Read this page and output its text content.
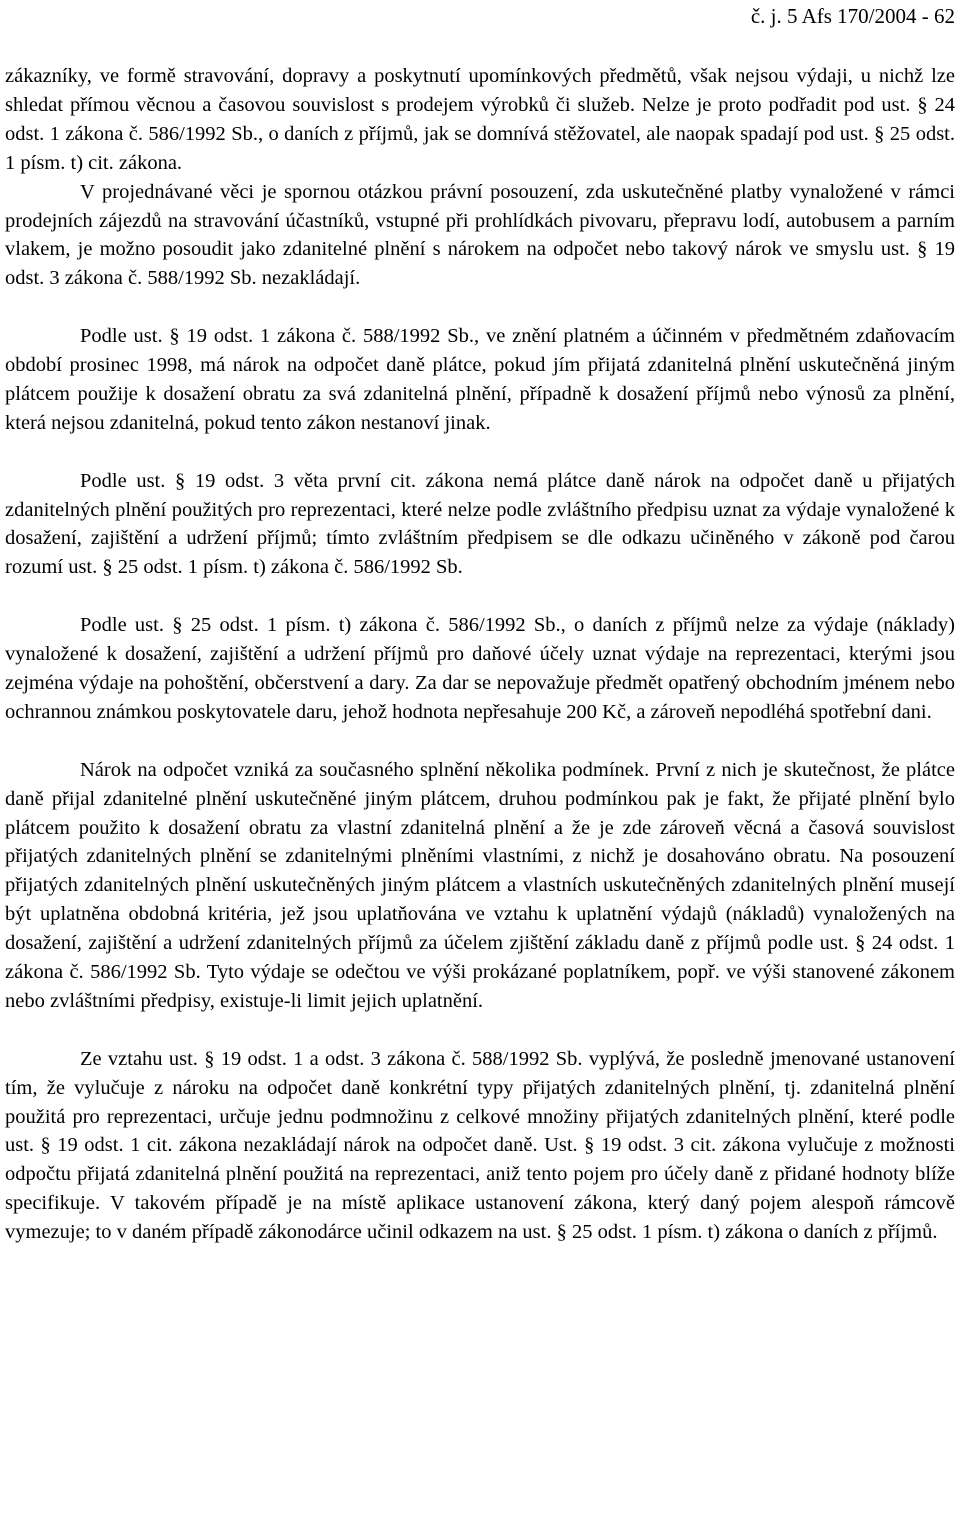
č. j. 5 Afs 170/2004 - 62

zákazníky, ve formě stravování, dopravy a poskytnutí upomínkových předmětů, však nejsou výdaji, u nichž lze shledat přímou věcnou a časovou souvislost s prodejem výrobků či služeb. Nelze je proto podřadit pod ust. § 24 odst. 1 zákona č. 586/1992 Sb., o daních z příjmů, jak se domnívá stěžovatel, ale naopak spadají pod ust. § 25 odst. 1 písm. t) cit. zákona.

V projednávané věci je spornou otázkou právní posouzení, zda uskutečněné platby vynaložené v rámci prodejních zájezdů na stravování účastníků, vstupné při prohlídkách pivovaru, přepravu lodí, autobusem a parním vlakem, je možno posoudit jako zdanitelné plnění s nárokem na odpočet nebo takový nárok ve smyslu ust. § 19 odst. 3 zákona č. 588/1992 Sb. nezakládají.

Podle ust. § 19 odst. 1 zákona č. 588/1992 Sb., ve znění platném a účinném v předmětném zdaňovacím období prosinec 1998, má nárok na odpočet daně plátce, pokud jím přijatá zdanitelná plnění uskutečněná jiným plátcem použije k dosažení obratu za svá zdanitelná plnění, případně k dosažení příjmů nebo výnosů za plnění, která nejsou zdanitelná, pokud tento zákon nestanoví jinak.

Podle ust. § 19 odst. 3 věta první cit. zákona nemá plátce daně nárok na odpočet daně u přijatých zdanitelných plnění použitých pro reprezentaci, které nelze podle zvláštního předpisu uznat za výdaje vynaložené k dosažení, zajištění a udržení příjmů; tímto zvláštním předpisem se dle odkazu učiněného v zákoně pod čarou rozumí ust. § 25 odst. 1 písm. t) zákona č. 586/1992 Sb.

Podle ust. § 25 odst. 1 písm. t) zákona č. 586/1992 Sb., o daních z příjmů nelze za výdaje (náklady) vynaložené k dosažení, zajištění a udržení příjmů pro daňové účely uznat výdaje na reprezentaci, kterými jsou zejména výdaje na pohoštění, občerstvení a dary. Za dar se nepovažuje předmět opatřený obchodním jménem nebo ochrannou známkou poskytovatele daru, jehož hodnota nepřesahuje 200 Kč, a zároveň nepodléhá spotřební dani.

Nárok na odpočet vzniká za současného splnění několika podmínek. První z nich je skutečnost, že plátce daně přijal zdanitelné plnění uskutečněné jiným plátcem, druhou podmínkou pak je fakt, že přijaté plnění bylo plátcem použito k dosažení obratu za vlastní zdanitelná plnění a že je zde zároveň věcná a časová souvislost přijatých zdanitelných plnění se zdanitelnými plněními vlastními, z nichž je dosahováno obratu. Na posouzení přijatých zdanitelných plnění uskutečněných jiným plátcem a vlastních uskutečněných zdanitelných plnění musejí být uplatněna obdobná kritéria, jež jsou uplatňována ve vztahu k uplatnění výdajů (nákladů) vynaložených na dosažení, zajištění a udržení zdanitelných příjmů za účelem zjištění základu daně z příjmů podle ust. § 24 odst. 1 zákona č. 586/1992 Sb. Tyto výdaje se odečtou ve výši prokázané poplatníkem, popř. ve výši stanovené zákonem nebo zvláštními předpisy, existuje-li limit jejich uplatnění.

Ze vztahu ust. § 19 odst. 1 a odst. 3 zákona č. 588/1992 Sb. vyplývá, že posledně jmenované ustanovení tím, že vylučuje z nároku na odpočet daně konkrétní typy přijatých zdanitelných plnění, tj. zdanitelná plnění použitá pro reprezentaci, určuje jednu podmnožinu z celkové množiny přijatých zdanitelných plnění, které podle ust. § 19 odst. 1 cit. zákona nezakládají nárok na odpočet daně. Ust. § 19 odst. 3 cit. zákona vylučuje z možnosti odpočtu přijatá zdanitelná plnění použitá na reprezentaci, aniž tento pojem pro účely daně z přidané hodnoty blíže specifikuje. V takovém případě je na místě aplikace ustanovení zákona, který daný pojem alespoň rámcově vymezuje; to v daném případě zákonodárce učinil odkazem na ust. § 25 odst. 1 písm. t) zákona o daních z příjmů.
